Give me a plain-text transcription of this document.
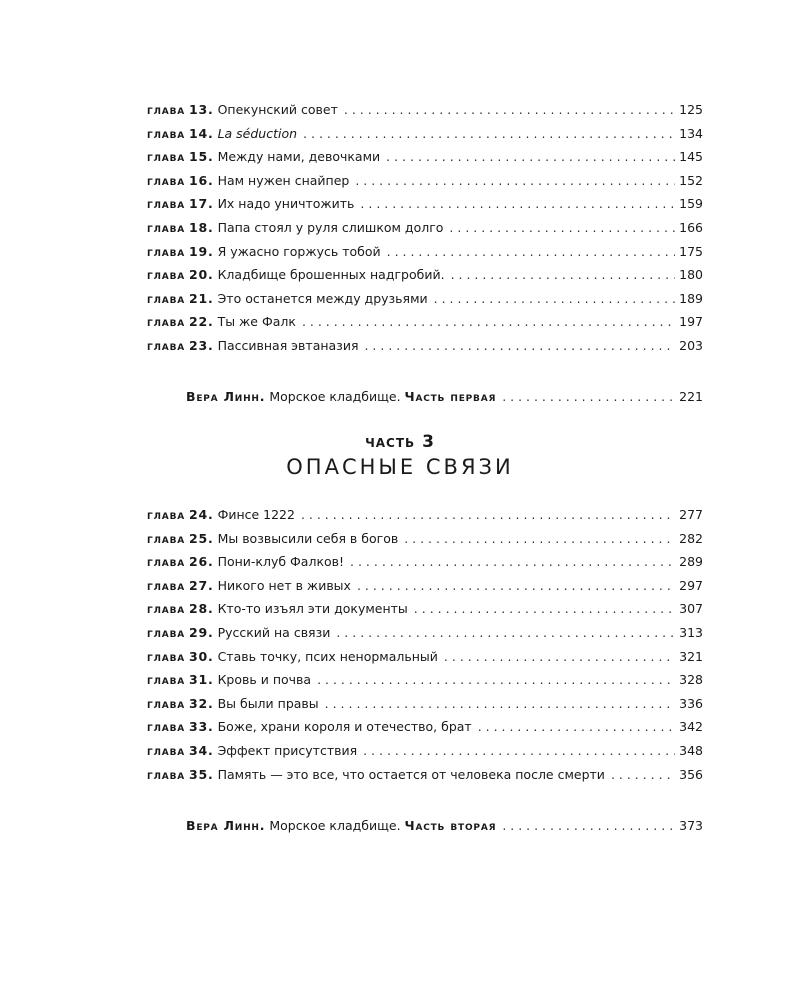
глава 13. Опекунский совет . . .	125
глава 14. La séduction . . .	134
глава 15. Между нами, девочками . . .	145
глава 16. Нам нужен снайпер . . .	152
глава 17. Их надо уничтожить . . .	159
глава 18. Папа стоял у руля слишком долго . . .	166
глава 19. Я ужасно горжусь тобой . . .	175
глава 20. Кладбище брошенных надгробий. . . .	180
глава 21. Это останется между друзьями . . .	189
глава 22. Ты же Фалк . . .	197
глава 23. Пассивная эвтаназия . . .	203
Вера Линн. Морское кладбище. Часть первая . . .	221
часть 3
ОПАСНЫЕ СВЯЗИ
глава 24. Финсе 1222 . . .	277
глава 25. Мы возвысили себя в богов . . .	282
глава 26. Пони-клуб Фалков! . . .	289
глава 27. Никого нет в живых . . .	297
глава 28. Кто-то изъял эти документы . . .	307
глава 29. Русский на связи . . .	313
глава 30. Ставь точку, псих ненормальный . . .	321
глава 31. Кровь и почва . . .	328
глава 32. Вы были правы . . .	336
глава 33. Боже, храни короля и отечество, брат . . .	342
глава 34. Эффект присутствия . . .	348
глава 35. Память — это все, что остается от человека после смерти . . .	356
Вера Линн. Морское кладбище. Часть вторая . . .	373
